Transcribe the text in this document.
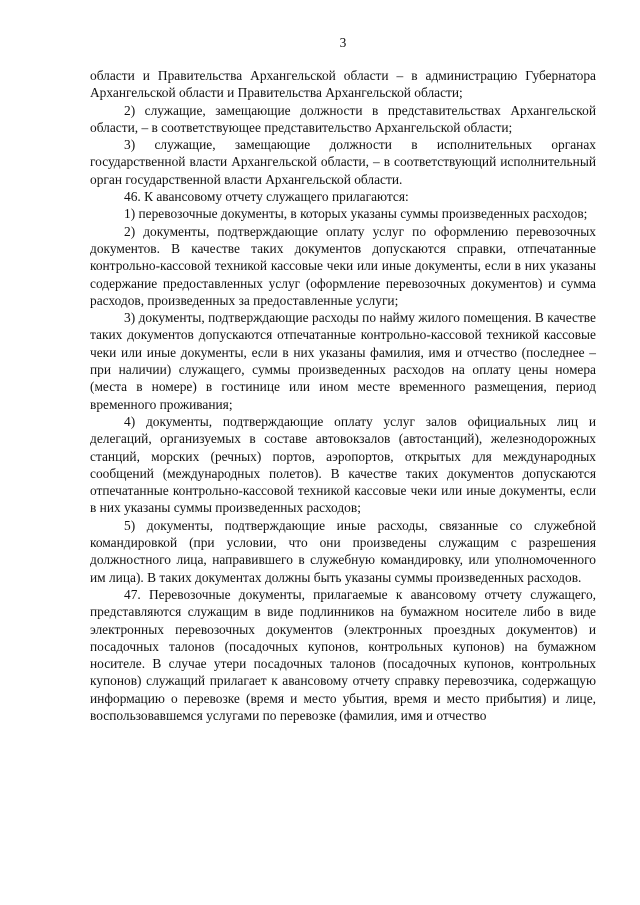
3

области и Правительства Архангельской области – в администрацию Губернатора Архангельской области и Правительства Архангельской области;

2) служащие, замещающие должности в представительствах Архангельской области, – в соответствующее представительство Архангельской области;

3) служащие, замещающие должности в исполнительных органах государственной власти Архангельской области, – в соответствующий исполнительный орган государственной власти Архангельской области.

46. К авансовому отчету служащего прилагаются:

1) перевозочные документы, в которых указаны суммы произведенных расходов;

2) документы, подтверждающие оплату услуг по оформлению перевозочных документов. В качестве таких документов допускаются справки, отпечатанные контрольно-кассовой техникой кассовые чеки или иные документы, если в них указаны содержание предоставленных услуг (оформление перевозочных документов) и сумма расходов, произведенных за предоставленные услуги;

3) документы, подтверждающие расходы по найму жилого помещения. В качестве таких документов допускаются отпечатанные контрольно-кассовой техникой кассовые чеки или иные документы, если в них указаны фамилия, имя и отчество (последнее – при наличии) служащего, суммы произведенных расходов на оплату цены номера (места в номере) в гостинице или ином месте временного размещения, период временного проживания;

4) документы, подтверждающие оплату услуг залов официальных лиц и делегаций, организуемых в составе автовокзалов (автостанций), железнодорожных станций, морских (речных) портов, аэропортов, открытых для международных сообщений (международных полетов). В качестве таких документов допускаются отпечатанные контрольно-кассовой техникой кассовые чеки или иные документы, если в них указаны суммы произведенных расходов;

5) документы, подтверждающие иные расходы, связанные со служебной командировкой (при условии, что они произведены служащим с разрешения должностного лица, направившего в служебную командировку, или уполномоченного им лица). В таких документах должны быть указаны суммы произведенных расходов.

47. Перевозочные документы, прилагаемые к авансовому отчету служащего, представляются служащим в виде подлинников на бумажном носителе либо в виде электронных перевозочных документов (электронных проездных документов) и посадочных талонов (посадочных купонов, контрольных купонов) на бумажном носителе. В случае утери посадочных талонов (посадочных купонов, контрольных купонов) служащий прилагает к авансовому отчету справку перевозчика, содержащую информацию о перевозке (время и место убытия, время и место прибытия) и лице, воспользовавшемся услугами по перевозке (фамилия, имя и отчество
